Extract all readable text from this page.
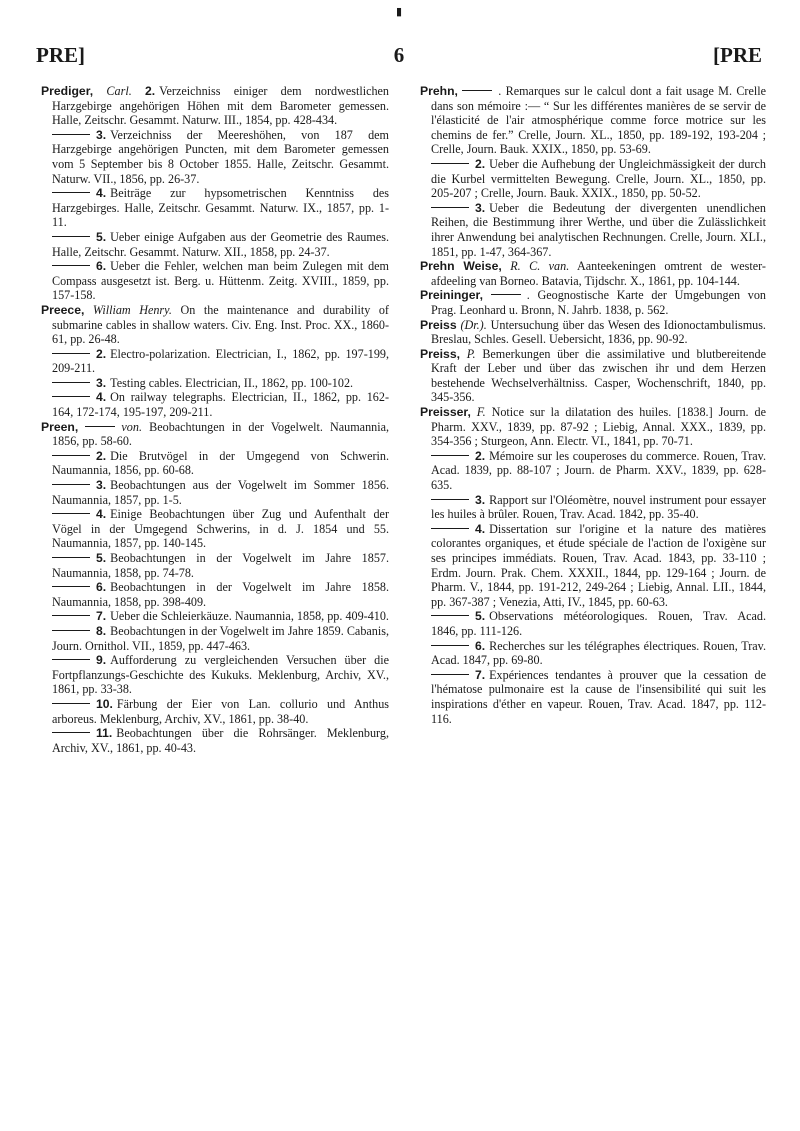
▮
PRE]	6	[PRE

Prediger, Carl. 2. Verzeichniss einiger dem nordwestlichen Harzgebirge angehörigen Höhen mit dem Barometer gemessen. Halle, Zeitschr. Gesammt. Naturw. III., 1854, pp. 428-434.

3. Verzeichniss der Meereshöhen, von 187 dem Harzgebirge angehörigen Puncten, mit dem Barometer gemessen vom 5 September bis 8 October 1855. Halle, Zeitschr. Gesammt. Naturw. VII., 1856, pp. 26-37.

4. Beiträge zur hypsometrischen Kenntniss des Harzgebirges. Halle, Zeitschr. Gesammt. Naturw. IX., 1857, pp. 1-11.

5. Ueber einige Aufgaben aus der Geometrie des Raumes. Halle, Zeitschr. Gesammt. Naturw. XII., 1858, pp. 24-37.

6. Ueber die Fehler, welchen man beim Zulegen mit dem Compass ausgesetzt ist. Berg. u. Hüttenm. Zeitg. XVIII., 1859, pp. 157-158.

Preece, William Henry. On the maintenance and durability of submarine cables in shallow waters. Civ. Eng. Inst. Proc. XX., 1860-61, pp. 26-48.

2. Electro-polarization. Electrician, I., 1862, pp. 197-199, 209-211.

3. Testing cables. Electrician, II., 1862, pp. 100-102.

4. On railway telegraphs. Electrician, II., 1862, pp. 162-164, 172-174, 195-197, 209-211.

Preen,	von. Beobachtungen in der Vogelwelt. Naumannia, 1856, pp. 58-60.

2. Die Brutvögel in der Umgegend von Schwerin. Naumannia, 1856, pp. 60-68.

3. Beobachtungen aus der Vogelwelt im Sommer 1856. Naumannia, 1857, pp. 1-5.

4. Einige Beobachtungen über Zug und Aufenthalt der Vögel in der Umgegend Schwerins, in d. J. 1854 und 55. Naumannia, 1857, pp. 140-145.

5. Beobachtungen in der Vogelwelt im Jahre 1857. Naumannia, 1858, pp. 74-78.

6. Beobachtungen in der Vogelwelt im Jahre 1858. Naumannia, 1858, pp. 398-409.

7. Ueber die Schleierkäuze. Naumannia, 1858, pp. 409-410.

8. Beobachtungen in der Vogelwelt im Jahre 1859. Cabanis, Journ. Ornithol. VII., 1859, pp. 447-463.

9. Aufforderung zu vergleichenden Versuchen über die Fortpflanzungs-Geschichte des Kukuks. Meklenburg, Archiv, XV., 1861, pp. 33-38.

10. Färbung der Eier von Lan. collurio und Anthus arboreus. Meklenburg, Archiv, XV., 1861, pp. 38-40.

11. Beobachtungen über die Rohrsänger. Meklenburg, Archiv, XV., 1861, pp. 40-43.

Prehn,	. Remarques sur le calcul dont a fait usage M. Crelle dans son mémoire :— “ Sur les différentes manières de se servir de l'élasticité de l'air atmosphérique comme force motrice sur les chemins de fer.” Crelle, Journ. XL., 1850, pp. 189-192, 193-204 ; Crelle, Journ. Bauk. XXIX., 1850, pp. 53-69.

2. Ueber die Aufhebung der Ungleichmässigkeit der durch die Kurbel vermittelten Bewegung. Crelle, Journ. XL., 1850, pp. 205-207 ; Crelle, Journ. Bauk. XXIX., 1850, pp. 50-52.

3. Ueber die Bedeutung der divergenten unendlichen Reihen, die Bestimmung ihrer Werthe, und über die Zulässlichkeit ihrer Anwendung bei analytischen Rechnungen. Crelle, Journ. XLI., 1851, pp. 1-47, 364-367.

Prehn Weise, R. C. van. Aanteekeningen omtrent de wester-afdeeling van Borneo. Batavia, Tijdschr. X., 1861, pp. 104-144.

Preininger,	. Geognostische Karte der Umgebungen von Prag. Leonhard u. Bronn, N. Jahrb. 1838, p. 562.

Preiss (Dr.). Untersuchung über das Wesen des Idionoctambulismus. Breslau, Schles. Gesell. Uebersicht, 1836, pp. 90-92.

Preiss, P. Bemerkungen über die assimilative und blutbereitende Kraft der Leber und über das zwischen ihr und dem Herzen bestehende Wechselverhältniss. Casper, Wochenschrift, 1840, pp. 345-356.

Preisser, F. Notice sur la dilatation des huiles. [1838.] Journ. de Pharm. XXV., 1839, pp. 87-92 ; Liebig, Annal. XXX., 1839, pp. 354-356 ; Sturgeon, Ann. Electr. VI., 1841, pp. 70-71.

2. Mémoire sur les couperoses du commerce. Rouen, Trav. Acad. 1839, pp. 88-107 ; Journ. de Pharm. XXV., 1839, pp. 628-635.

3. Rapport sur l'Oléomètre, nouvel instrument pour essayer les huiles à brûler. Rouen, Trav. Acad. 1842, pp. 35-40.

4. Dissertation sur l'origine et la nature des matières colorantes organiques, et étude spéciale de l'action de l'oxigène sur ses principes immédiats. Rouen, Trav. Acad. 1843, pp. 33-110 ; Erdm. Journ. Prak. Chem. XXXII., 1844, pp. 129-164 ; Journ. de Pharm. V., 1844, pp. 191-212, 249-264 ; Liebig, Annal. LII., 1844, pp. 367-387 ; Venezia, Atti, IV., 1845, pp. 60-63.

5. Observations météorologiques. Rouen, Trav. Acad. 1846, pp. 111-126.

6. Recherches sur les télégraphes électriques. Rouen, Trav. Acad. 1847, pp. 69-80.

7. Expériences tendantes à prouver que la cessation de l'hématose pulmonaire est la cause de l'insensibilité qui suit les inspirations d'éther en vapeur. Rouen, Trav. Acad. 1847, pp. 112-116.
